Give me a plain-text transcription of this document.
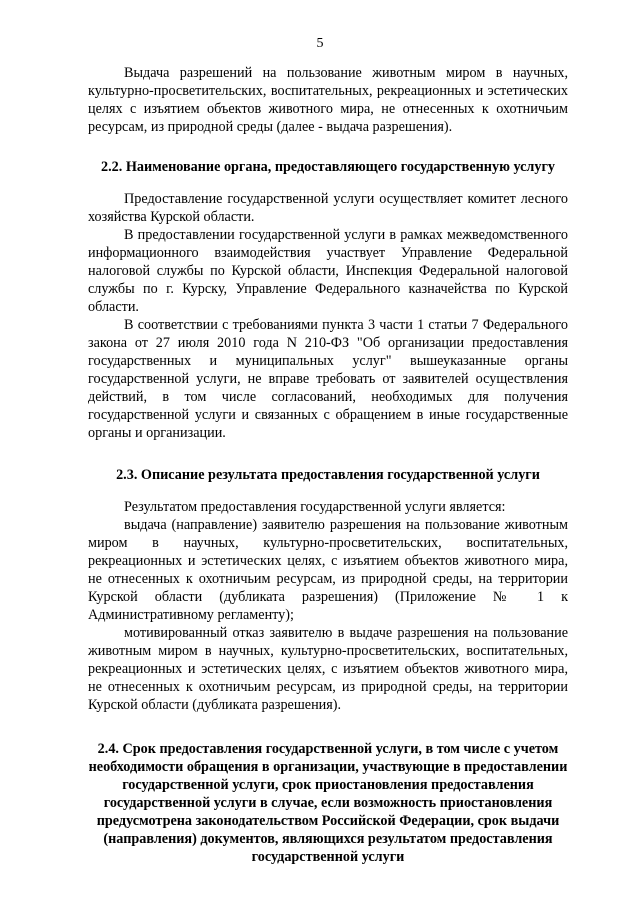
5

Выдача разрешений на пользование животным миром в научных, культурно-просветительских, воспитательных, рекреационных и эстетических целях с изъятием объектов животного мира, не отнесенных к охотничьим ресурсам, из природной среды (далее - выдача разрешения).

2.2. Наименование органа, предоставляющего государственную услугу

Предоставление государственной услуги осуществляет комитет лесного хозяйства Курской области.

В предоставлении государственной услуги в рамках межведомственного информационного взаимодействия участвует Управление Федеральной налоговой службы по Курской области, Инспекция Федеральной налоговой службы по г. Курску, Управление Федерального казначейства по Курской области.

В соответствии с требованиями пункта 3 части 1 статьи 7 Федерального закона от 27 июля 2010 года N 210-ФЗ "Об организации предоставления государственных и муниципальных услуг" вышеуказанные органы государственной услуги, не вправе требовать от заявителей осуществления действий, в том числе согласований, необходимых для получения государственной услуги и связанных с обращением в иные государственные органы и организации.

2.3. Описание результата предоставления государственной услуги

Результатом предоставления государственной услуги является:

выдача (направление) заявителю разрешения на пользование животным миром в научных, культурно-просветительских, воспитательных, рекреационных и эстетических целях, с изъятием объектов животного мира, не отнесенных к охотничьим ресурсам, из природной среды, на территории Курской области (дубликата разрешения) (Приложение № 1 к Административному регламенту);

мотивированный отказ заявителю в выдаче разрешения на пользование животным миром в научных, культурно-просветительских, воспитательных, рекреационных и эстетических целях, с изъятием объектов животного мира, не отнесенных к охотничьим ресурсам, из природной среды, на территории Курской области (дубликата разрешения).

2.4. Срок предоставления государственной услуги, в том числе с учетом необходимости обращения в организации, участвующие в предоставлении государственной услуги, срок приостановления предоставления государственной услуги в случае, если возможность приостановления предусмотрена законодательством Российской Федерации, срок выдачи (направления) документов, являющихся результатом предоставления государственной услуги
